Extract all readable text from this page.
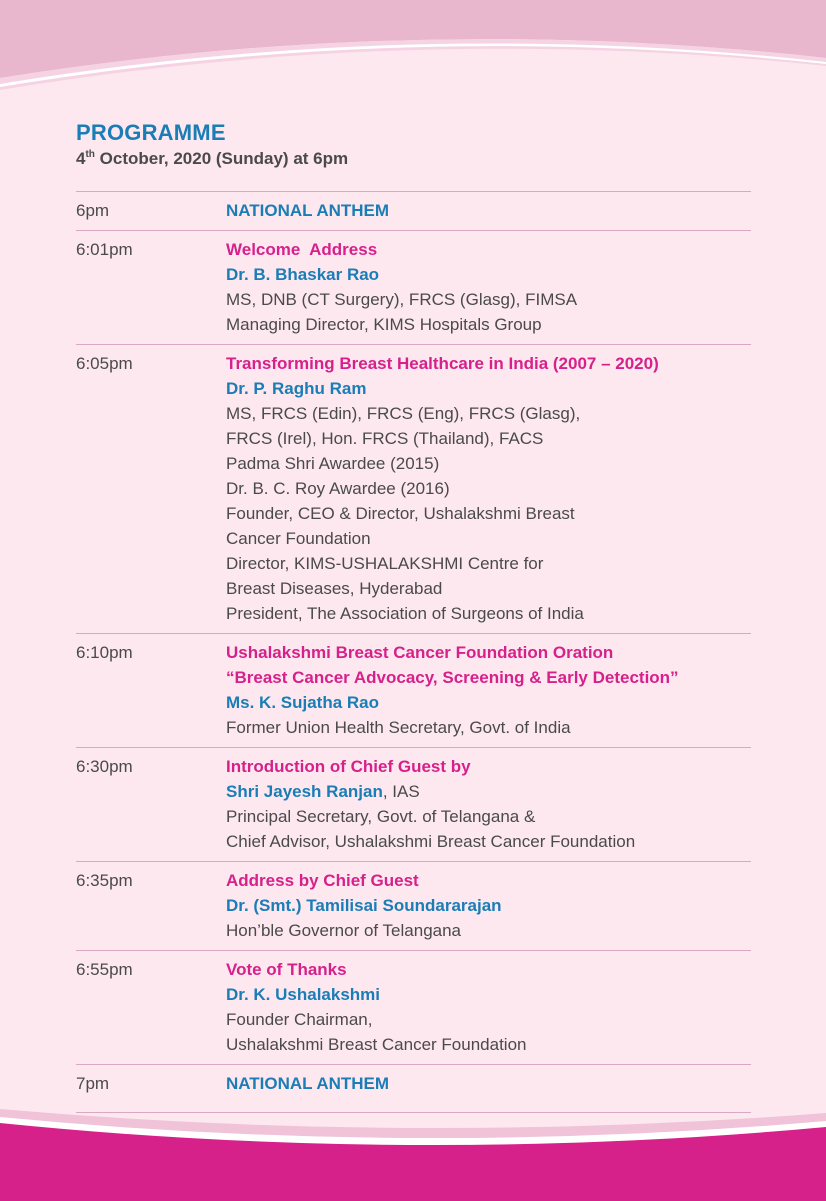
PROGRAMME

4th October, 2020 (Sunday) at 6pm

6pm	NATIONAL ANTHEM
6:01pm	Welcome  Address
Dr. B. Bhaskar Rao
MS, DNB (CT Surgery), FRCS (Glasg), FIMSA
Managing Director, KIMS Hospitals Group
6:05pm	Transforming Breast Healthcare in India (2007 – 2020)
Dr. P. Raghu Ram
MS, FRCS (Edin), FRCS (Eng), FRCS (Glasg),
FRCS (Irel), Hon. FRCS (Thailand), FACS
Padma Shri Awardee (2015)
Dr. B. C. Roy Awardee (2016)
Founder, CEO & Director, Ushalakshmi Breast
Cancer Foundation
Director, KIMS-USHALAKSHMI Centre for
Breast Diseases, Hyderabad
President, The Association of Surgeons of India
6:10pm	Ushalakshmi Breast Cancer Foundation Oration
“Breast Cancer Advocacy, Screening & Early Detection”
Ms. K. Sujatha Rao
Former Union Health Secretary, Govt. of India
6:30pm	Introduction of Chief Guest by
Shri Jayesh Ranjan, IAS
Principal Secretary, Govt. of Telangana &
Chief Advisor, Ushalakshmi Breast Cancer Foundation
6:35pm	Address by Chief Guest
Dr. (Smt.) Tamilisai Soundararajan
Hon’ble Governor of Telangana
6:55pm	Vote of Thanks
Dr. K. Ushalakshmi
Founder Chairman,
Ushalakshmi Breast Cancer Foundation
7pm	NATIONAL ANTHEM
